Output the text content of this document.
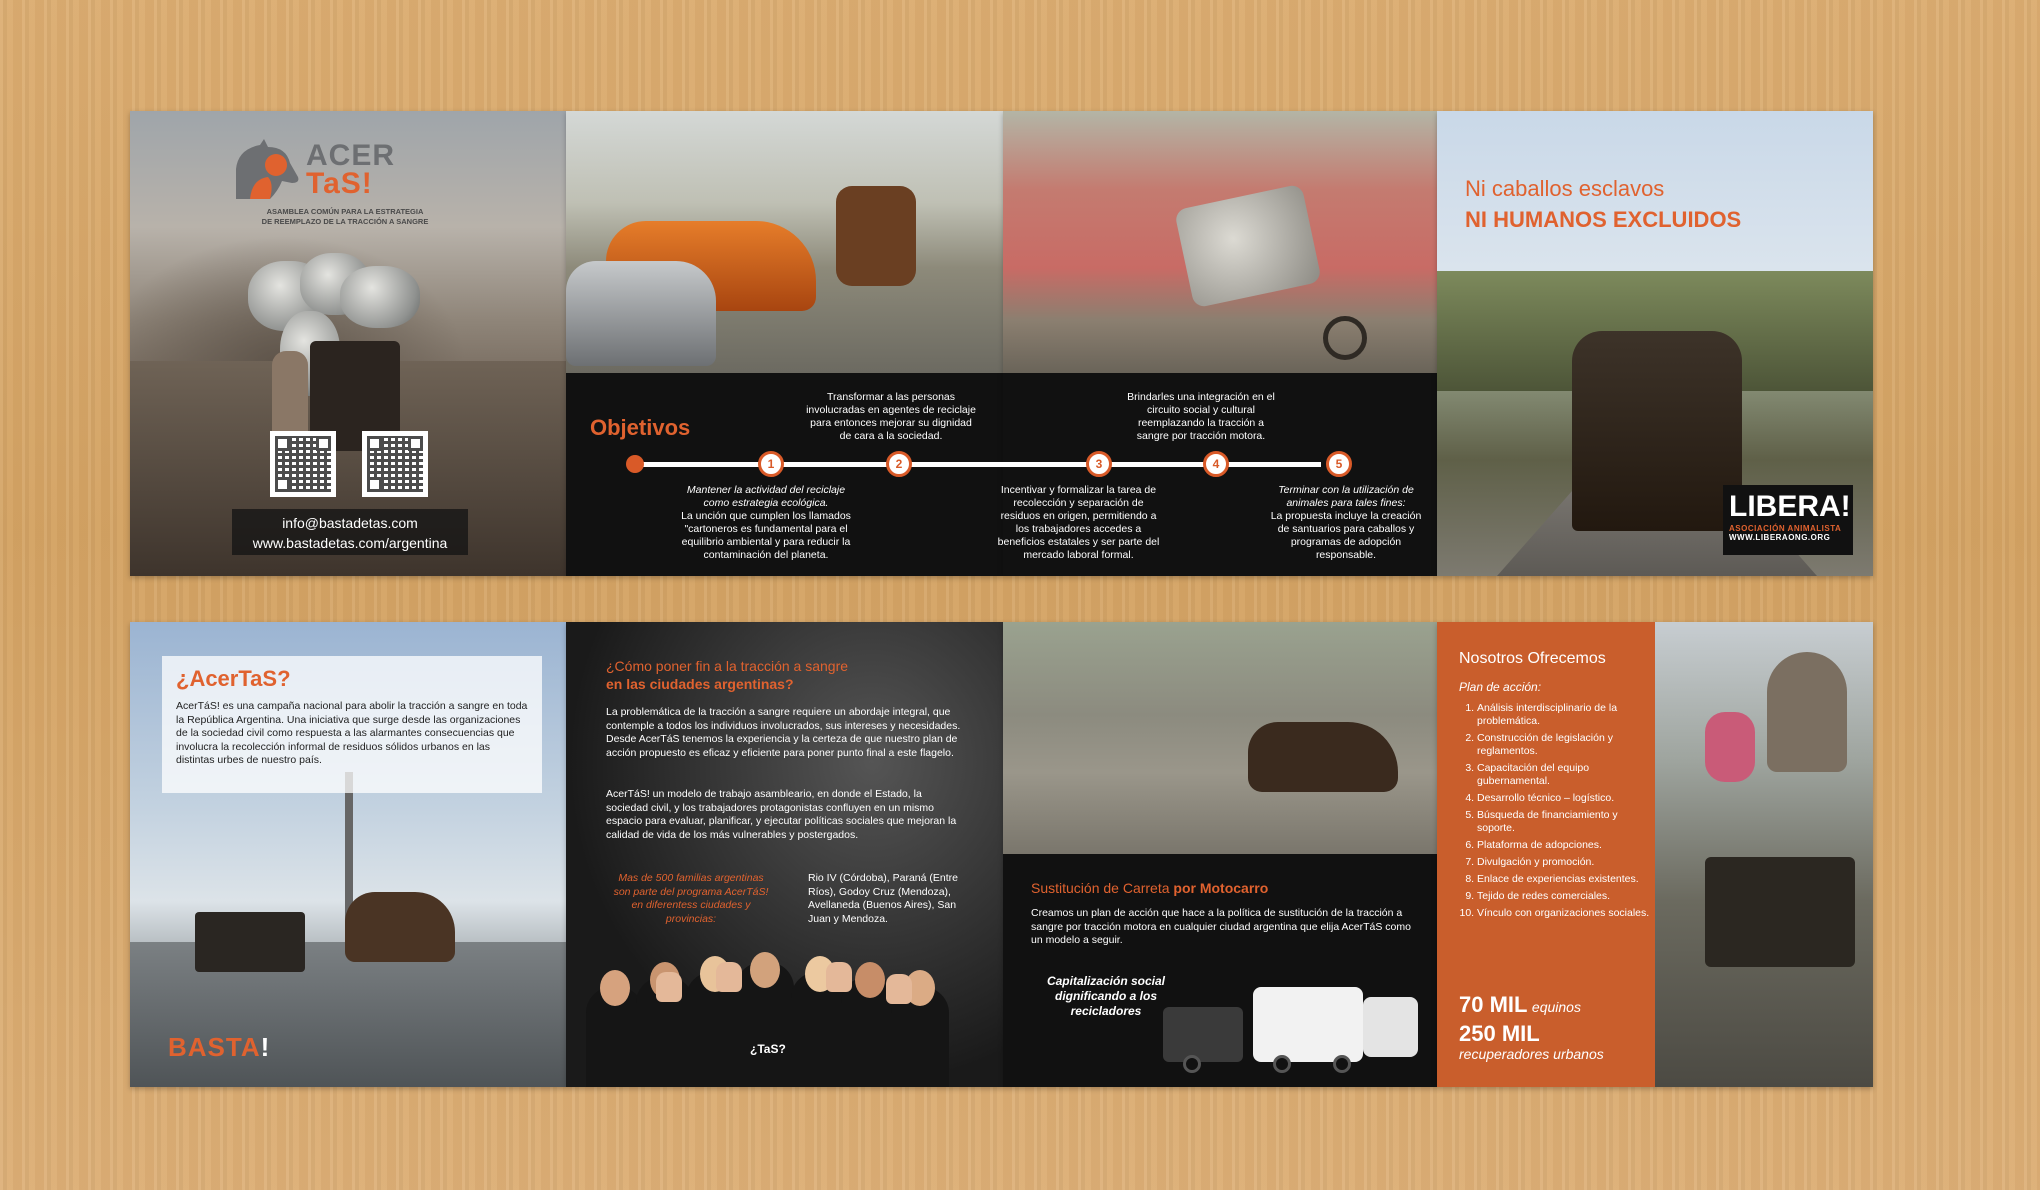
ACER
TaS!
ASAMBLEA COMÚN PARA LA ESTRATEGIA
DE REEMPLAZO DE LA TRACCIÓN A SANGRE
info@bastadetas.com
www.bastadetas.com/argentina
Objetivos
Transformar a las personas involucradas en agentes de reciclaje para entonces mejorar su dignidad de cara a la sociedad.
Brindarles una integración en el circuito social y cultural reemplazando la tracción a sangre por tracción motora.
1	2	3	4	5
Mantener la actividad del reciclaje como estrategia ecológica.
La unción que cumplen los llamados "cartoneros es fundamental para el equilibrio ambiental y para reducir la contaminación del planeta.
Incentivar y formalizar la tarea de recolección y separación de residuos en origen, permitiendo a los trabajadores accedes a beneficios estatales y ser parte del mercado laboral formal.
Terminar con la utilización de animales para tales fines:
La propuesta incluye la creación de santuarios para caballos y programas de adopción responsable.
Ni caballos esclavos
NI HUMANOS EXCLUIDOS
LIBERA!
ASOCIACIÓN ANIMALISTA
WWW.LIBERAONG.ORG
¿AcerTaS?
AcerTáS! es una campaña nacional para abolir la tracción a sangre en toda la República Argentina. Una iniciativa que surge desde las organizaciones de la sociedad civil como respuesta a las alarmantes consecuencias que involucra la recolección informal de residuos sólidos urbanos en las distintas urbes de nuestro país.
BASTA!
¿Cómo poner fin a la tracción a sangre
en las ciudades argentinas?
La problemática de la tracción a sangre requiere un abordaje integral, que contemple a todos los individuos involucrados, sus intereses y necesidades. Desde AcerTáS tenemos la experiencia y la certeza de que nuestro plan de acción propuesto es eficaz y eficiente para poner punto final a este flagelo.
AcerTáS! un modelo de trabajo asambleario, en donde el Estado, la sociedad civil, y los trabajadores protagonistas confluyen en un mismo espacio para evaluar, planificar, y ejecutar políticas sociales que mejoran la calidad de vida de los más vulnerables y postergados.
Mas de 500 familias argentinas son parte del programa AcerTáS! en diferentess ciudades y provincias:
Rio IV (Córdoba), Paraná (Entre Ríos), Godoy Cruz (Mendoza), Avellaneda (Buenos Aires), San Juan y Mendoza.
¿TaS?
Sustitución de Carreta por Motocarro
Creamos un plan de acción que hace a la política de sustitución de la tracción a sangre por tracción motora en cualquier ciudad argentina que elija AcerTáS como un modelo a seguir.
Capitalización social dignificando a los recicladores
Nosotros Ofrecemos
Plan de acción:
1. Análisis interdisciplinario de la problemática.
2. Construcción de legislación y reglamentos.
3. Capacitación del equipo gubernamental.
4. Desarrollo técnico – logístico.
5. Búsqueda de financiamiento y soporte.
6. Plataforma de adopciones.
7. Divulgación y promoción.
8. Enlace de experiencias existentes.
9. Tejido de redes comerciales.
10. Vínculo con organizaciones sociales.
70 MIL equinos
250 MIL
recuperadores urbanos
